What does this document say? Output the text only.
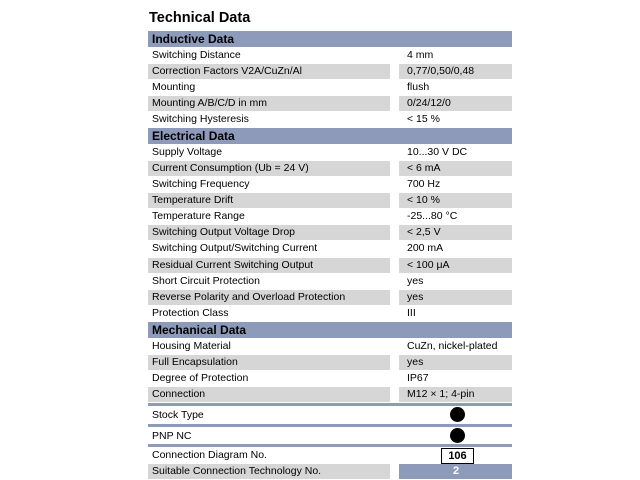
Technical Data
Inductive Data
Switching Distance	4 mm
Correction Factors V2A/CuZn/Al	0,77/0,50/0,48
Mounting	flush
Mounting A/B/C/D in mm	0/24/12/0
Switching Hysteresis	< 15 %
Electrical Data
Supply Voltage	10...30 V DC
Current Consumption (Ub = 24 V)	< 6 mA
Switching Frequency	700 Hz
Temperature Drift	< 10 %
Temperature Range	-25...80 °C
Switching Output Voltage Drop	< 2,5 V
Switching Output/Switching Current	200 mA
Residual Current Switching Output	< 100 μA
Short Circuit Protection	yes
Reverse Polarity and Overload Protection	yes
Protection Class	III
Mechanical Data
Housing Material	CuZn, nickel-plated
Full Encapsulation	yes
Degree of Protection	IP67
Connection	M12 × 1; 4-pin
Stock Type
PNP NC
Connection Diagram No.	106
Suitable Connection Technology No.	2
